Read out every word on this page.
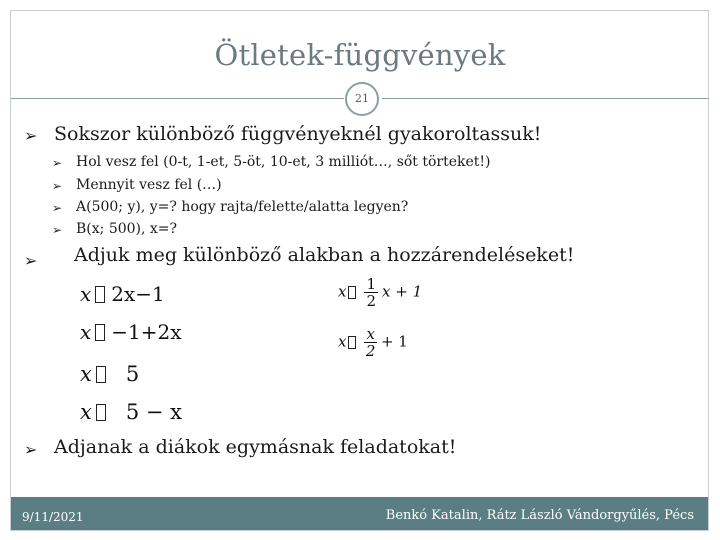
Ötletek-függvények
21
➢ Sokszor különböző függvényeknél gyakoroltassuk!
➢ Hol vesz fel (0-t, 1-et, 5-öt, 10-et, 3 milliót…, sőt törteket!)
➢ Mennyit vesz fel (…)
➢ A(500; y), y=? hogy rajta/felette/alatta legyen?
➢ B(x; 500), x=?
➢ Adjuk meg különböző alakban a hozzárendeléseket!
x 2x−1
x −1+2x
x 5
x 5 − x
x $\frac{1}{2}$ x + 1
x $\frac{x}{2} + 1$
➢ Adjanak a diákok egymásnak feladatokat!
9/11/2021	Benkó Katalin, Rátz László Vándorgyűlés, Pécs
